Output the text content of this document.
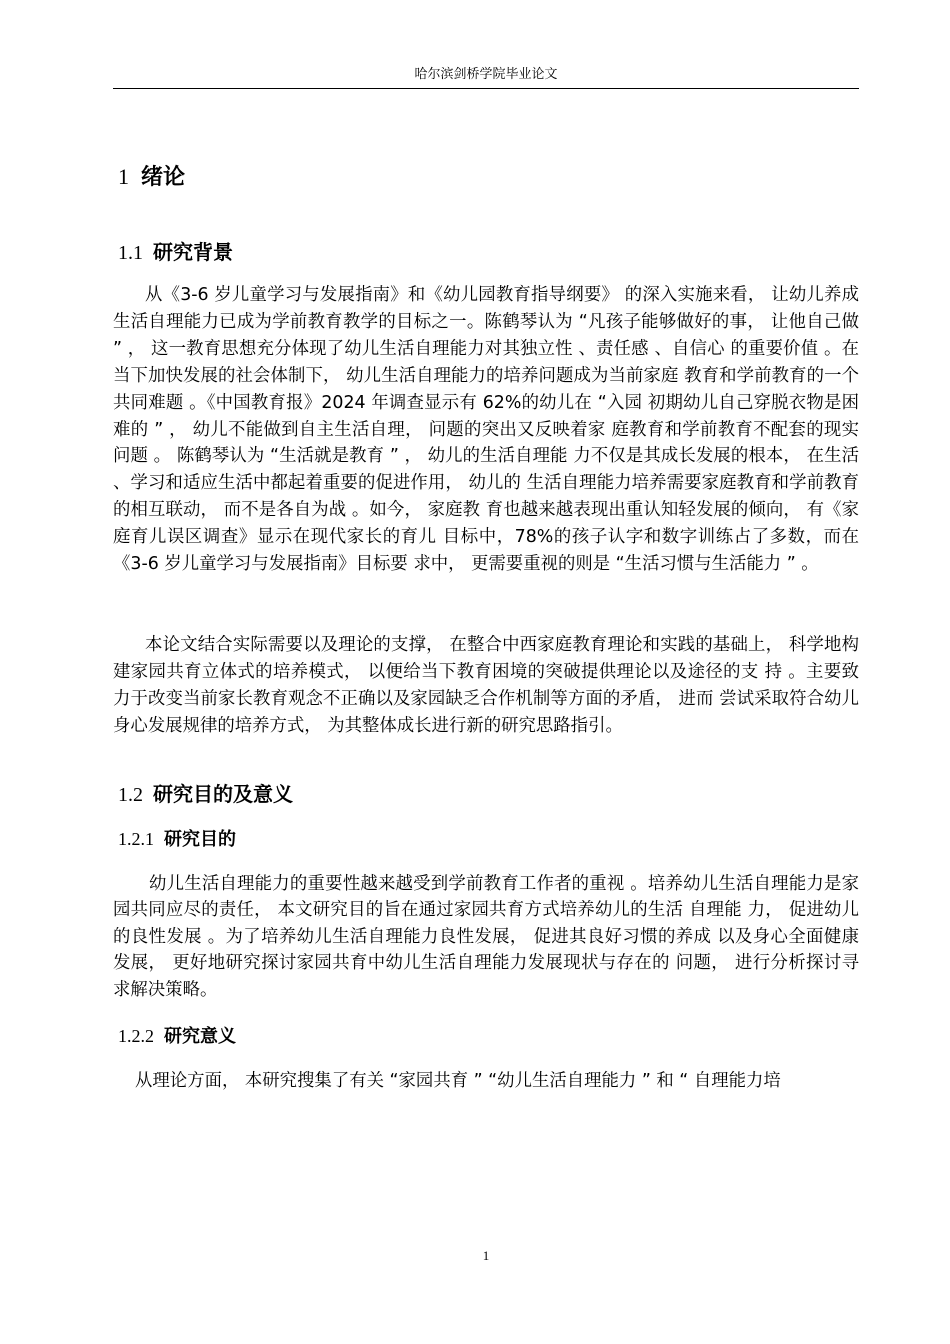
哈尔滨剑桥学院毕业论文
1 绪论
1.1 研究背景

从《3-6 岁儿童学习与发展指南》和《幼儿园教育指导纲要》 的深入实施来看， 让幼儿养成生活自理能力已成为学前教育教学的目标之一。陈鹤琴认为 “凡孩子能够做好的事， 让他自己做 ” ， 这一教育思想充分体现了幼儿生活自理能力对其独立性 、责任感 、自信心 的重要价值 。在当下加快发展的社会体制下， 幼儿生活自理能力的培养问题成为当前家庭 教育和学前教育的一个共同难题 。《中国教育报》2024 年调查显示有 62%的幼儿在 “入园 初期幼儿自己穿脱衣物是困难的 ” ， 幼儿不能做到自主生活自理， 问题的突出又反映着家 庭教育和学前教育不配套的现实问题 。 陈鹤琴认为 “生活就是教育 ” ， 幼儿的生活自理能 力不仅是其成长发展的根本， 在生活 、学习和适应生活中都起着重要的促进作用， 幼儿的 生活自理能力培养需要家庭教育和学前教育的相互联动， 而不是各自为战 。如今， 家庭教 育也越来越表现出重认知轻发展的倾向， 有《家庭育儿误区调查》显示在现代家长的育儿 目标中，78%的孩子认字和数字训练占了多数，而在《3-6 岁儿童学习与发展指南》目标要 求中， 更需要重视的则是 “生活习惯与生活能力 ” 。

本论文结合实际需要以及理论的支撑， 在整合中西家庭教育理论和实践的基础上， 科学地构建家园共育立体式的培养模式， 以便给当下教育困境的突破提供理论以及途径的支 持 。主要致力于改变当前家长教育观念不正确以及家园缺乏合作机制等方面的矛盾， 进而 尝试采取符合幼儿身心发展规律的培养方式， 为其整体成长进行新的研究思路指引。

1.2 研究目的及意义
1.2.1 研究目的

幼儿生活自理能力的重要性越来越受到学前教育工作者的重视 。培养幼儿生活自理能力是家园共同应尽的责任， 本文研究目的旨在通过家园共育方式培养幼儿的生活 自理能 力， 促进幼儿的良性发展 。为了培养幼儿生活自理能力良性发展， 促进其良好习惯的养成 以及身心全面健康发展， 更好地研究探讨家园共育中幼儿生活自理能力发展现状与存在的 问题， 进行分析探讨寻求解决策略。

1.2.2 研究意义

从理论方面， 本研究搜集了有关 “家园共育 ” “幼儿生活自理能力 ” 和 “ 自理能力培

1
